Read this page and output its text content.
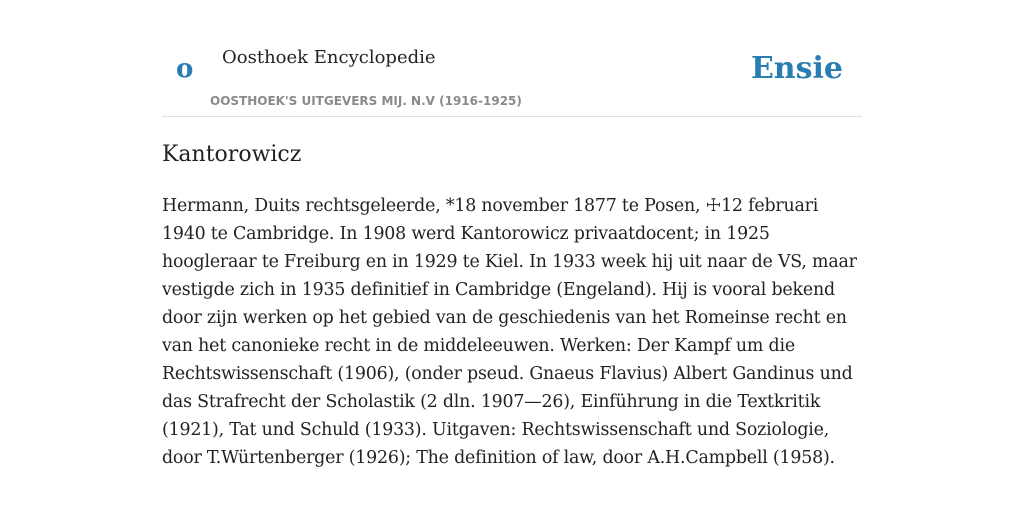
o Oosthoek Encyclopedie
OOSTHOEK'S UITGEVERS MIJ. N.V (1916-1925)
Ensie
Kantorowicz

Hermann, Duits rechtsgeleerde, *18 november 1877 te Posen, ☩12 februari 1940 te Cambridge. In 1908 werd Kantorowicz privaatdocent; in 1925 hoogleraar te Freiburg en in 1929 te Kiel. In 1933 week hij uit naar de VS, maar vestigde zich in 1935 definitief in Cambridge (Engeland). Hij is vooral bekend door zijn werken op het gebied van de geschiedenis van het Romeinse recht en van het canonieke recht in de middeleeuwen. Werken: Der Kampf um die Rechtswissenschaft (1906), (onder pseud. Gnaeus Flavius) Albert Gandinus und das Strafrecht der Scholastik (2 dln. 1907—26), Einführung in die Textkritik (1921), Tat und Schuld (1933). Uitgaven: Rechtswissenschaft und Soziologie, door T.Würtenberger (1926); The definition of law, door A.H.Campbell (1958).
